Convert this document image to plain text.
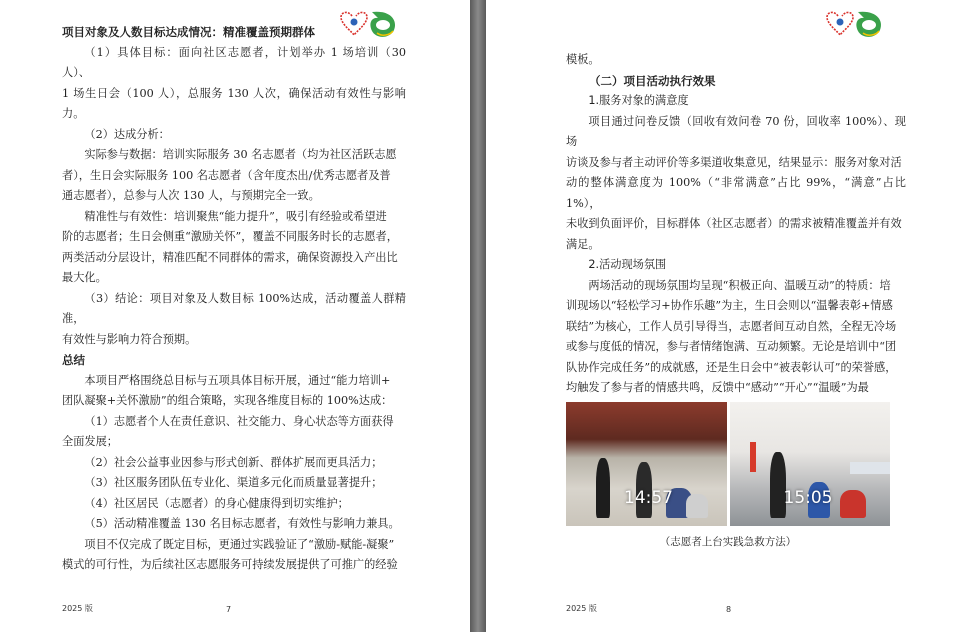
项目对象及人数目标达成情况：精准覆盖预期群体

（1）具体目标：面向社区志愿者，计划举办 1 场培训（30 人）、

1 场生日会（100 人），总服务 130 人次，确保活动有效性与影响力。

（2）达成分析：

实际参与数据：培训实际服务 30 名志愿者（均为社区活跃志愿

者），生日会实际服务 100 名志愿者（含年度杰出/优秀志愿者及普

通志愿者），总参与人次 130 人，与预期完全一致。

精准性与有效性：培训聚焦“能力提升”，吸引有经验或希望进

阶的志愿者；生日会侧重“激励关怀”，覆盖不同服务时长的志愿者，

两类活动分层设计，精准匹配不同群体的需求，确保资源投入产出比

最大化。

（3）结论：项目对象及人数目标 100%达成，活动覆盖人群精准，

有效性与影响力符合预期。

总结

本项目严格围绕总目标与五项具体目标开展，通过“能力培训+

团队凝聚+关怀激励”的组合策略，实现各维度目标的 100%达成：

（1）志愿者个人在责任意识、社交能力、身心状态等方面获得

全面发展；

（2）社会公益事业因参与形式创新、群体扩展而更具活力；

（3）社区服务团队伍专业化、渠道多元化而质量显著提升；

（4）社区居民（志愿者）的身心健康得到切实维护；

（5）活动精准覆盖 130 名目标志愿者，有效性与影响力兼具。

项目不仅完成了既定目标，更通过实践验证了“激励-赋能-凝聚”

模式的可行性，为后续社区志愿服务可持续发展提供了可推广的经验

2025 版	7

模板。

（二）项目活动执行效果

1.服务对象的满意度

项目通过问卷反馈（回收有效问卷 70 份，回收率 100%）、现场

访谈及参与者主动评价等多渠道收集意见，结果显示：服务对象对活

动的整体满意度为 100%（“非常满意”占比 99%，“满意”占比 1%），

未收到负面评价，目标群体（社区志愿者）的需求被精准覆盖并有效

满足。

2.活动现场氛围

两场活动的现场氛围均呈现“积极正向、温暖互动”的特质：培

训现场以“轻松学习+协作乐趣”为主，生日会则以“温馨表彰+情感

联结”为核心，工作人员引导得当，志愿者间互动自然，全程无冷场

或参与度低的情况，参与者情绪饱满、互动频繁。无论是培训中“团

队协作完成任务”的成就感，还是生日会中“被表彰认可”的荣誉感，

均触发了参与者的情感共鸣，反馈中“感动”“开心”“温暖”为最

14:57	15:05
（志愿者上台实践急救方法）
2025 版	8
